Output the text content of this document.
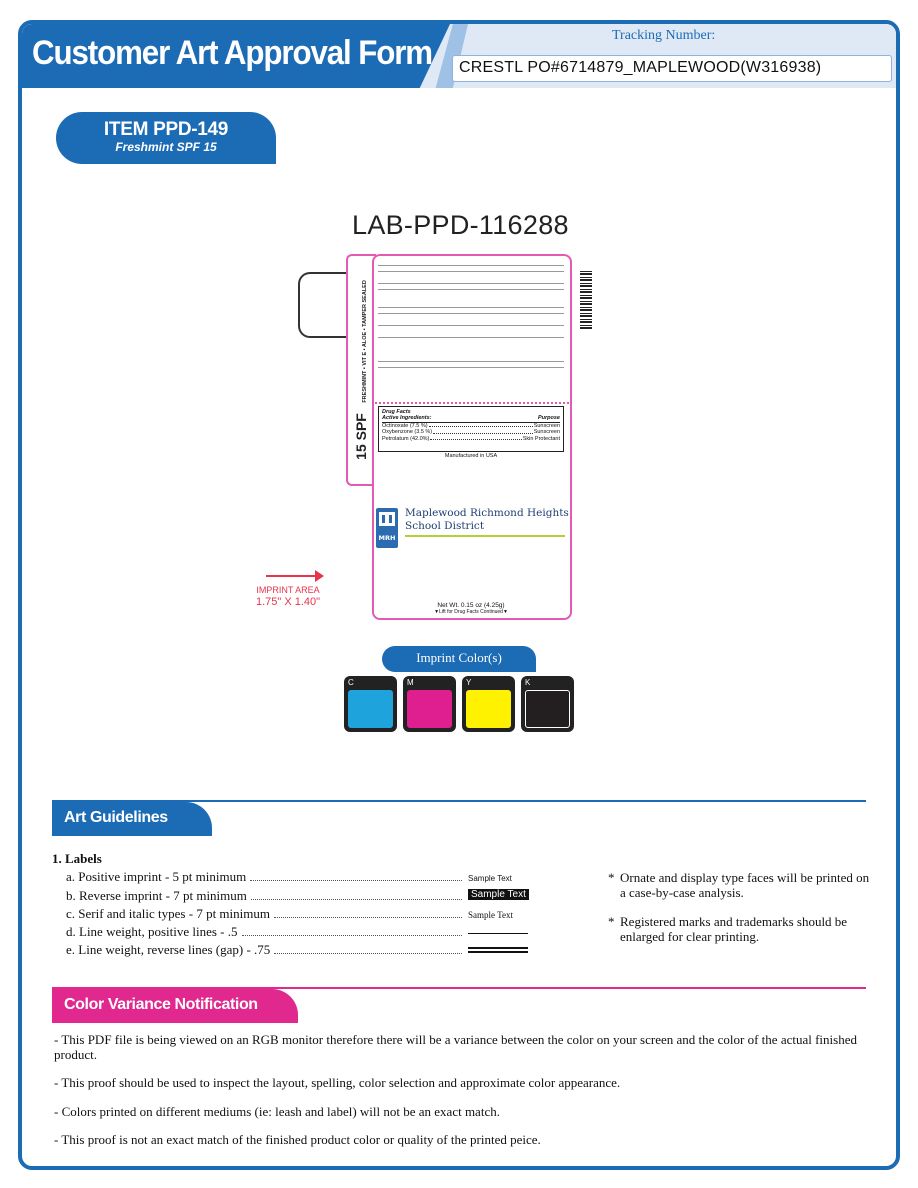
Customer Art Approval Form	Tracking Number:
CRESTL PO#6714879_MAPLEWOOD(W316938)
ITEM PPD-149
Freshmint SPF 15
LAB-PPD-116288
15 SPF FRESHMINT • VIT E • ALOE • TAMPER SEALED
Drug Facts
Active Ingredients:	Purpose
Octinoxate (7.5 %)	Sunscreen
Oxybenzone (3.5 %)	Sunscreen
Petrolatum (42.0%)	Skin Protectant
Manufactured in USA
MRH
Maplewood Richmond Heights
School District
Net Wt. 0.15 oz (4.25g)
▼Lift for Drug Facts Continued▼
IMPRINT AREA
1.75" X 1.40"
Imprint Color(s)
C	M	Y	K
Art Guidelines
1. Labels
a. Positive imprint - 5 pt minimum	Sample Text
b. Reverse imprint - 7 pt minimum	Sample Text
c. Serif and italic types - 7 pt minimum	Sample Text
d. Line weight, positive lines - .5
e. Line weight, reverse lines (gap) - .75
* Ornate and display type faces will be printed on a case-by-case analysis.
* Registered marks and trademarks should be enlarged for clear printing.
Color Variance Notification
- This PDF file is being viewed on an RGB monitor therefore there will be a variance between the color on your screen and the color of the actual finished product.
- This proof should be used to inspect the layout, spelling, color selection and approximate color appearance.
- Colors printed on different mediums (ie: leash and label) will not be an exact match.
- This proof is not an exact match of the finished product color or quality of the printed peice.
